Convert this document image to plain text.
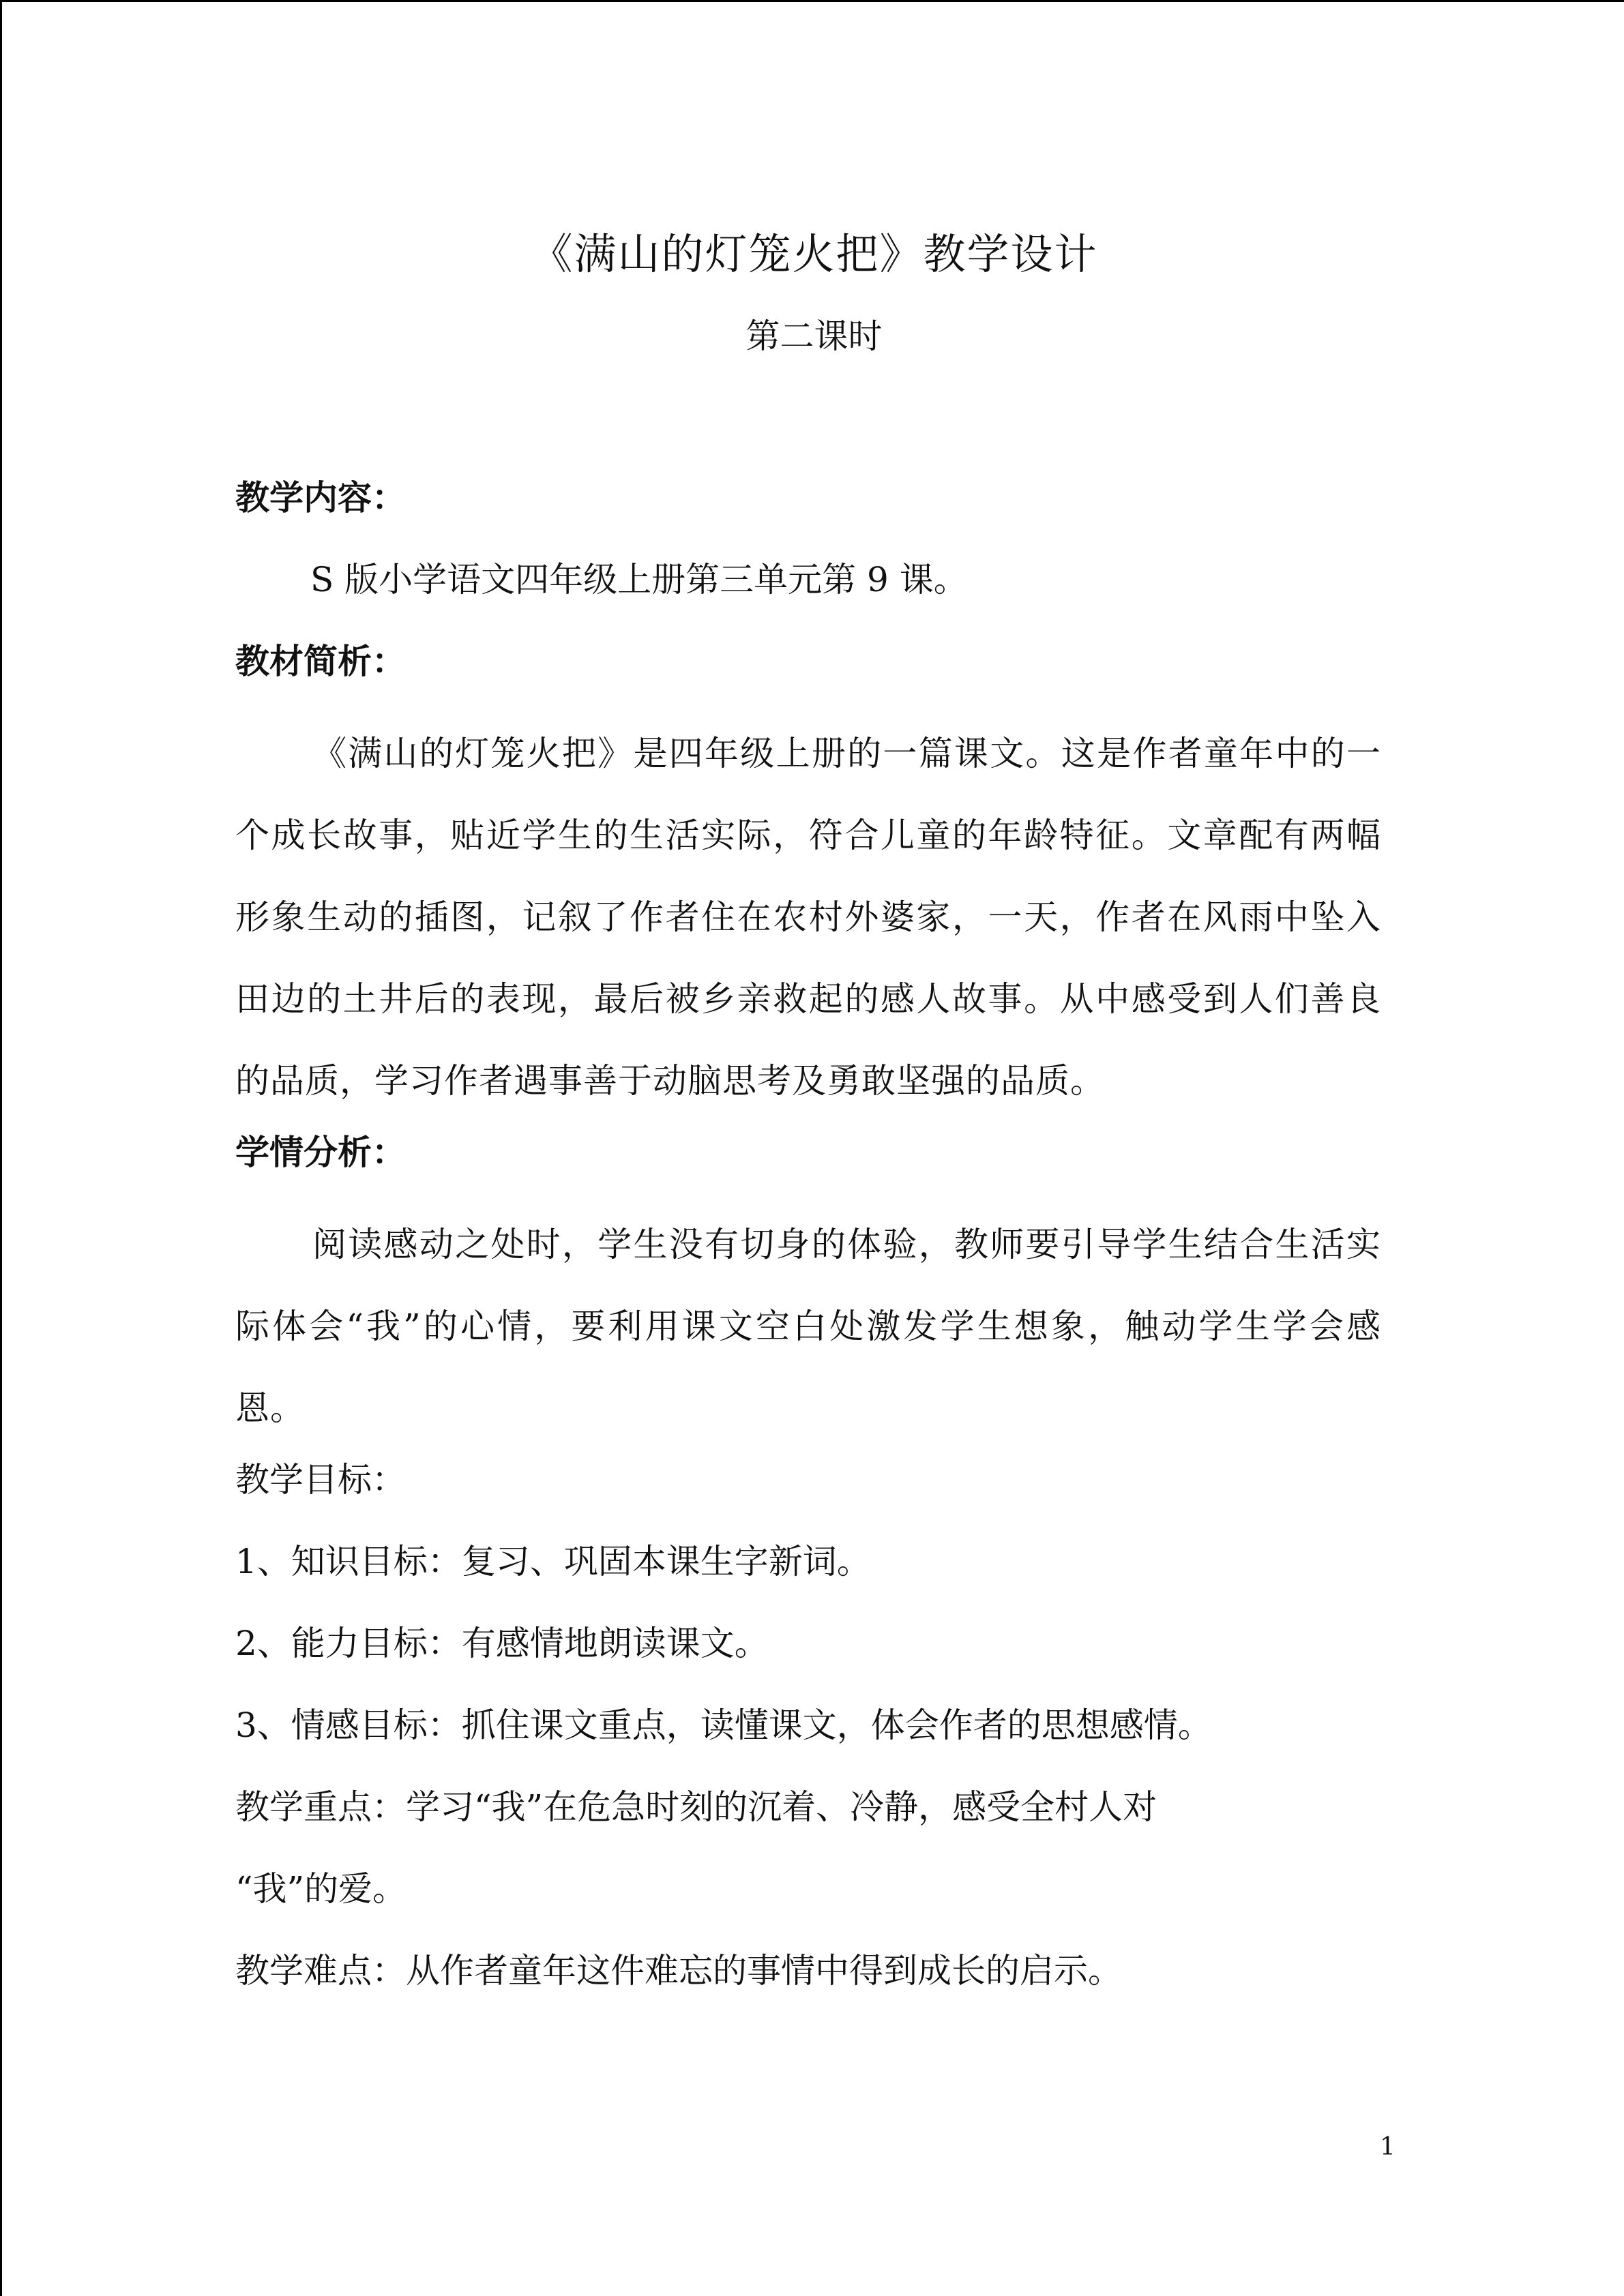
《满山的灯笼火把》教学设计
第二课时
教学内容：
S 版小学语文四年级上册第三单元第 9 课。
教材简析：

《满山的灯笼火把》是四年级上册的一篇课文。这是作者童年中的一个成长故事，贴近学生的生活实际，符合儿童的年龄特征。文章配有两幅形象生动的插图，记叙了作者住在农村外婆家，一天，作者在风雨中坠入田边的土井后的表现，最后被乡亲救起的感人故事。从中感受到人们善良的品质，学习作者遇事善于动脑思考及勇敢坚强的品质。

学情分析：

阅读感动之处时，学生没有切身的体验，教师要引导学生结合生活实际体会“我”的心情，要利用课文空白处激发学生想象，触动学生学会感恩。

教学目标：
1、知识目标：复习、巩固本课生字新词。
2、能力目标：有感情地朗读课文。
3、情感目标：抓住课文重点，读懂课文，体会作者的思想感情。
教学重点：学习“我”在危急时刻的沉着、冷静，感受全村人对
“我”的爱。
教学难点：从作者童年这件难忘的事情中得到成长的启示。
1
